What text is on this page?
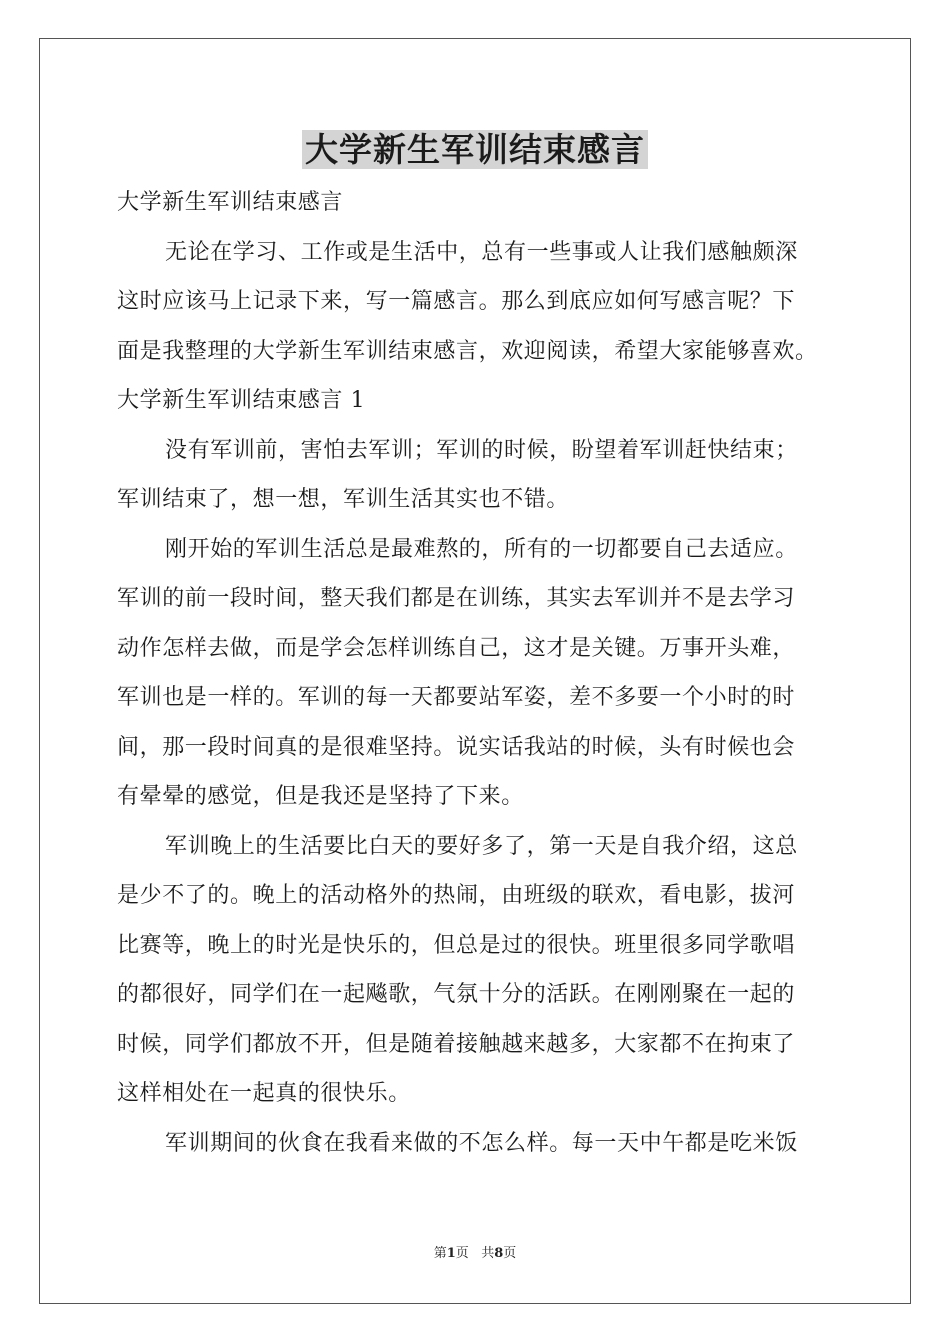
大学新生军训结束感言
大学新生军训结束感言
无论在学习、工作或是生活中，总有一些事或人让我们感触颇深
这时应该马上记录下来，写一篇感言。那么到底应如何写感言呢？下
面是我整理的大学新生军训结束感言，欢迎阅读，希望大家能够喜欢。
大学新生军训结束感言 1
没有军训前，害怕去军训；军训的时候，盼望着军训赶快结束；
军训结束了，想一想，军训生活其实也不错。
刚开始的军训生活总是最难熬的，所有的一切都要自己去适应。
军训的前一段时间，整天我们都是在训练，其实去军训并不是去学习
动作怎样去做，而是学会怎样训练自己，这才是关键。万事开头难，
军训也是一样的。军训的每一天都要站军姿，差不多要一个小时的时
间，那一段时间真的是很难坚持。说实话我站的时候，头有时候也会
有晕晕的感觉，但是我还是坚持了下来。
军训晚上的生活要比白天的要好多了，第一天是自我介绍，这总
是少不了的。晚上的活动格外的热闹，由班级的联欢，看电影，拔河
比赛等，晚上的时光是快乐的，但总是过的很快。班里很多同学歌唱
的都很好，同学们在一起飚歌，气氛十分的活跃。在刚刚聚在一起的
时候，同学们都放不开，但是随着接触越来越多，大家都不在拘束了
这样相处在一起真的很快乐。
军训期间的伙食在我看来做的不怎么样。每一天中午都是吃米饭
第1页 共8页
